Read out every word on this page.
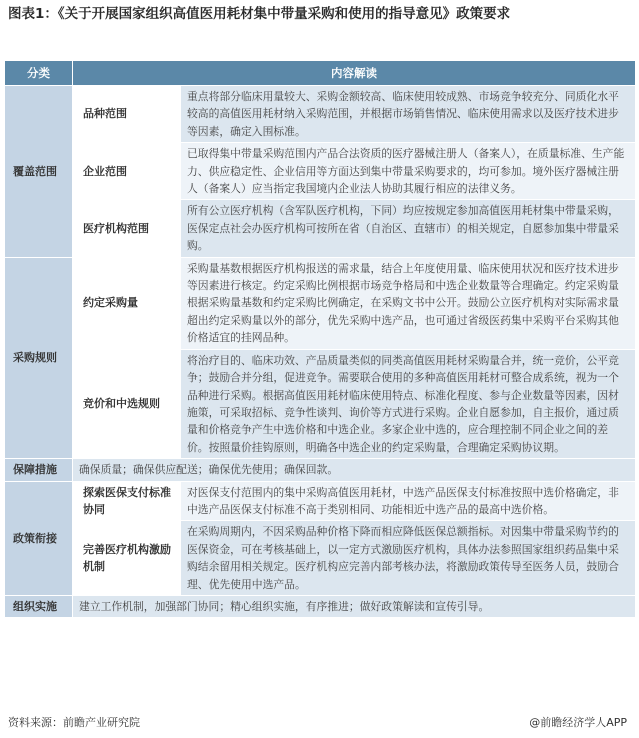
图表1：《关于开展国家组织高值医用耗材集中带量采购和使用的指导意见》政策要求
分类	内容解读	
覆盖范围	品种范围	重点将部分临床用量较大、采购金额较高、临床使用较成熟、市场竞争较充分、同质化水平较高的高值医用耗材纳入采购范围，并根据市场销售情况、临床使用需求以及医疗技术进步等因素，确定入围标准。
	企业范围	已取得集中带量采购范围内产品合法资质的医疗器械注册人（备案人），在质量标准、生产能力、供应稳定性、企业信用等方面达到集中带量采购要求的，均可参加。境外医疗器械注册人（备案人）应当指定我国境内企业法人协助其履行相应的法律义务。
	医疗机构范围	所有公立医疗机构（含军队医疗机构，下同）均应按规定参加高值医用耗材集中带量采购，医保定点社会办医疗机构可按所在省（自治区、直辖市）的相关规定，自愿参加集中带量采购。
采购规则	约定采购量	采购量基数根据医疗机构报送的需求量，结合上年度使用量、临床使用状况和医疗技术进步等因素进行核定。约定采购比例根据市场竞争格局和中选企业数量等合理确定。约定采购量根据采购量基数和约定采购比例确定，在采购文书中公开。鼓励公立医疗机构对实际需求量超出约定采购量以外的部分，优先采购中选产品，也可通过省级医药集中采购平台采购其他价格适宜的挂网品种。
	竞价和中选规则	将治疗目的、临床功效、产品质量类似的同类高值医用耗材采购量合并，统一竞价，公平竞争；鼓励合并分组，促进竞争。需要联合使用的多种高值医用耗材可整合成系统，视为一个品种进行采购。根据高值医用耗材临床使用特点、标准化程度、参与企业数量等因素，因材施策，可采取招标、竞争性谈判、询价等方式进行采购。企业自愿参加，自主报价，通过质量和价格竞争产生中选价格和中选企业。多家企业中选的，应合理控制不同企业之间的差价。按照量价挂钩原则，明确各中选企业的约定采购量，合理确定采购协议期。
保障措施	确保质量；确保供应配送；确保优先使用；确保回款。	
政策衔接	探索医保支付标准协同	对医保支付范围内的集中采购高值医用耗材，中选产品医保支付标准按照中选价格确定，非中选产品医保支付标准不高于类别相同、功能相近中选产品的最高中选价格。
	完善医疗机构激励机制	在采购周期内，不因采购品种价格下降而相应降低医保总额指标。对因集中带量采购节约的医保资金，可在考核基础上，以一定方式激励医疗机构，具体办法参照国家组织药品集中采购结余留用相关规定。医疗机构应完善内部考核办法，将激励政策传导至医务人员，鼓励合理、优先使用中选产品。
组织实施	建立工作机制，加强部门协同；精心组织实施，有序推进；做好政策解读和宣传引导。	
资料来源：前瞻产业研究院	@前瞻经济学人APP
